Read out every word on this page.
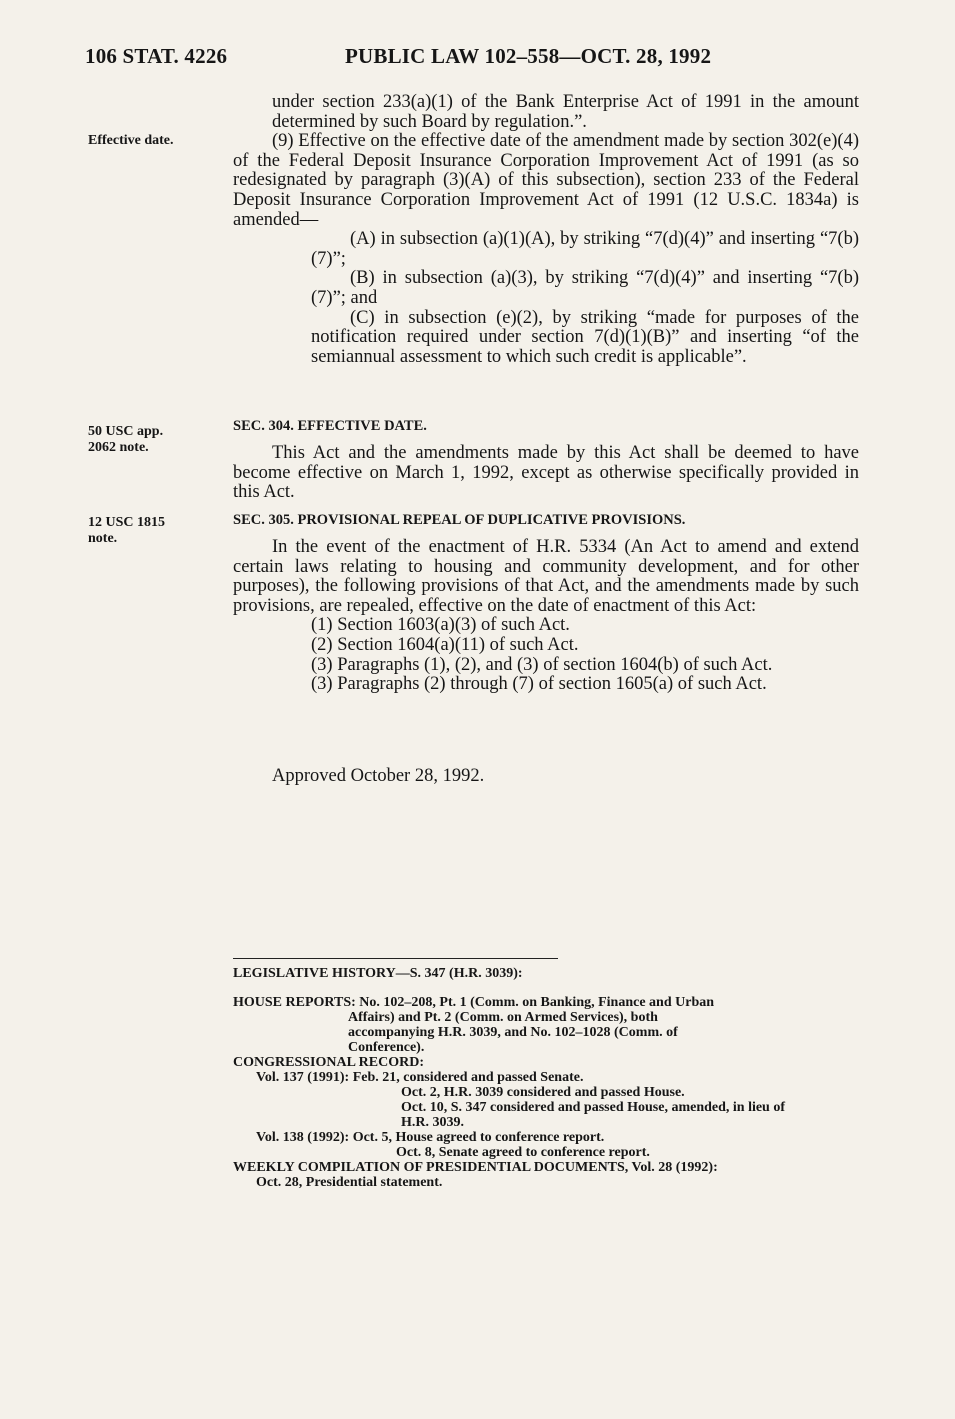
106 STAT. 4226	PUBLIC LAW 102–558—OCT. 28, 1992
Effective date.
50 USC app.
2062 note.
12 USC 1815
note.

under section 233(a)(1) of the Bank Enterprise Act of 1991 in the amount determined by such Board by regulation.”.

(9) Effective on the effective date of the amendment made by section 302(e)(4) of the Federal Deposit Insurance Corporation Improvement Act of 1991 (as so redesignated by paragraph (3)(A) of this subsection), section 233 of the Federal Deposit Insurance Corporation Improvement Act of 1991 (12 U.S.C. 1834a) is amended—

(A) in subsection (a)(1)(A), by striking “7(d)(4)” and inserting “7(b)(7)”;

(B) in subsection (a)(3), by striking “7(d)(4)” and inserting “7(b)(7)”; and

(C) in subsection (e)(2), by striking “made for purposes of the notification required under section 7(d)(1)(B)” and inserting “of the semiannual assessment to which such credit is applicable”.

SEC. 304. EFFECTIVE DATE.

This Act and the amendments made by this Act shall be deemed to have become effective on March 1, 1992, except as otherwise specifically provided in this Act.

SEC. 305. PROVISIONAL REPEAL OF DUPLICATIVE PROVISIONS.

In the event of the enactment of H.R. 5334 (An Act to amend and extend certain laws relating to housing and community development, and for other purposes), the following provisions of that Act, and the amendments made by such provisions, are repealed, effective on the date of enactment of this Act:

(1) Section 1603(a)(3) of such Act.

(2) Section 1604(a)(11) of such Act.

(3) Paragraphs (1), (2), and (3) of section 1604(b) of such Act.

(3) Paragraphs (2) through (7) of section 1605(a) of such Act.

Approved October 28, 1992.

LEGISLATIVE HISTORY—S. 347 (H.R. 3039):

HOUSE REPORTS: No. 102–208, Pt. 1 (Comm. on Banking, Finance and Urban

Affairs) and Pt. 2 (Comm. on Armed Services), both

accompanying H.R. 3039, and No. 102–1028 (Comm. of

Conference).

CONGRESSIONAL RECORD:

Vol. 137 (1991): Feb. 21, considered and passed Senate.

Oct. 2, H.R. 3039 considered and passed House.

Oct. 10, S. 347 considered and passed House, amended, in lieu of

H.R. 3039.

Vol. 138 (1992): Oct. 5, House agreed to conference report.

Oct. 8, Senate agreed to conference report.

WEEKLY COMPILATION OF PRESIDENTIAL DOCUMENTS, Vol. 28 (1992):

Oct. 28, Presidential statement.
